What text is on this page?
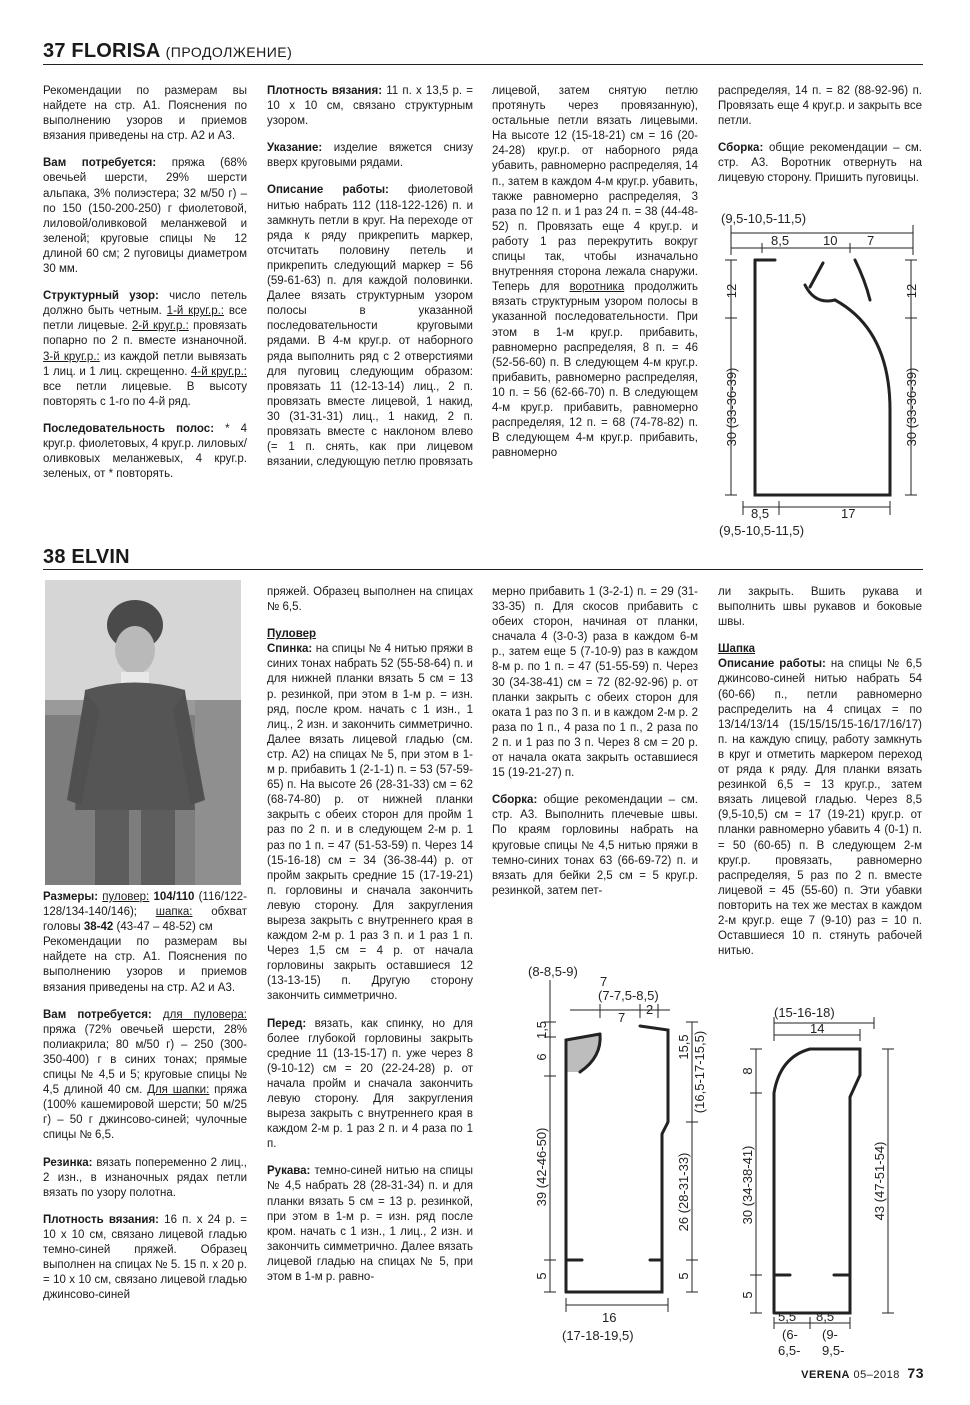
37 FLORISA (ПРОДОЛЖЕНИЕ)

Рекомендации по размерам вы найдете на стр. А1. Пояснения по выполнению узоров и приемов вязания приведены на стр. А2 и А3.

Вам потребуется: пряжа (68% овечьей шерсти, 29% шерсти альпака, 3% полиэстера; 32 м/50 г) – по 150 (150-200-250) г фиолетовой, лиловой/оливковой меланжевой и зеленой; круговые спицы № 12 длиной 60 см; 2 пуговицы диаметром 30 мм.

Структурный узор: число петель должно быть четным. 1-й круг.р.: все петли лицевые. 2-й круг.р.: провязать попарно по 2 п. вместе изнаночной. 3-й круг.р.: из каждой петли вывязать 1 лиц. и 1 лиц. скрещенно. 4-й круг.р.: все петли лицевые. В высоту повторять с 1-го по 4-й ряд.

Последовательность полос: * 4 круг.р. фиолетовых, 4 круг.р. лиловых/оливковых меланжевых, 4 круг.р. зеленых, от * повторять.

Плотность вязания: 11 п. х 13,5 р. = 10 х 10 см, связано структурным узором.

Указание: изделие вяжется снизу вверх круговыми рядами.

Описание работы: фиолетовой нитью набрать 112 (118-122-126) п. и замкнуть петли в круг. На переходе от ряда к ряду прикрепить маркер, отсчитать половину петель и прикрепить следующий маркер = 56 (59-61-63) п. для каждой половинки. Далее вязать структурным узором полосы в указанной последовательности круговыми рядами. В 4-м круг.р. от наборного ряда выполнить ряд с 2 отверстиями для пуговиц следующим образом: провязать 11 (12-13-14) лиц., 2 п. провязать вместе лицевой, 1 накид, 30 (31-31-31) лиц., 1 накид, 2 п. провязать вместе с наклоном влево (= 1 п. снять, как при лицевом вязании, следующую петлю провязать

лицевой, затем снятую петлю протянуть через провязанную), остальные петли вязать лицевыми. На высоте 12 (15-18-21) см = 16 (20-24-28) круг.р. от наборного ряда убавить, равномерно распределяя, 14 п., затем в каждом 4-м круг.р. убавить, также равномерно распределяя, 3 раза по 12 п. и 1 раз 24 п. = 38 (44-48-52) п. Провязать еще 4 круг.р. и работу 1 раз перекрутить вокруг спицы так, чтобы изначально внутренняя сторона лежала снаружи. Теперь для воротника продолжить вязать структурным узором полосы в указанной последовательности. При этом в 1-м круг.р. прибавить, равномерно распределяя, 8 п. = 46 (52-56-60) п. В следующем 4-м круг.р. прибавить, равномерно распределяя, 10 п. = 56 (62-66-70) п. В следующем 4-м круг.р. прибавить, равномерно распределяя, 12 п. = 68 (74-78-82) п. В следующем 4-м круг.р. прибавить, равномерно

распределяя, 14 п. = 82 (88-92-96) п. Провязать еще 4 круг.р. и закрыть все петли.

Сборка: общие рекомендации – см. стр. А3. Воротник отвернуть на лицевую сторону. Пришить пуговицы.

(9,5-10,5-11,5)
8,5	10 7
12	12
30 (33-36-39)	30 (33-36-39)
8,5	17
(9,5-10,5-11,5)
38 ELVIN

Размеры: пуловер: 104/110 (116/122-128/134-140/146); шапка: обхват головы 38-42 (43-47 – 48-52) см

Рекомендации по размерам вы найдете на стр. А1. Пояснения по выполнению узоров и приемов вязания приведены на стр. А2 и А3.

Вам потребуется: для пуловера: пряжа (72% овечьей шерсти, 28% полиакрила; 80 м/50 г) – 250 (300-350-400) г в синих тонах; прямые спицы № 4,5 и 5; круговые спицы № 4,5 длиной 40 см. Для шапки: пряжа (100% кашемировой шерсти; 50 м/25 г) – 50 г джинсово-синей; чулочные спицы № 6,5.

Резинка: вязать попеременно 2 лиц., 2 изн., в изнаночных рядах петли вязать по узору полотна.

Плотность вязания: 16 п. х 24 р. = 10 х 10 см, связано лицевой гладью темно-синей пряжей. Образец выполнен на спицах № 5. 15 п. х 20 р. = 10 х 10 см, связано лицевой гладью джинсово-синей

пряжей. Образец выполнен на спицах № 6,5.

Пуловер

Спинка: на спицы № 4 нитью пряжи в синих тонах набрать 52 (55-58-64) п. и для нижней планки вязать 5 см = 13 р. резинкой, при этом в 1-м р. = изн. ряд, после кром. начать с 1 изн., 1 лиц., 2 изн. и закончить симметрично. Далее вязать лицевой гладью (см. стр. А2) на спицах № 5, при этом в 1-м р. прибавить 1 (2-1-1) п. = 53 (57-59-65) п. На высоте 26 (28-31-33) см = 62 (68-74-80) р. от нижней планки закрыть с обеих сторон для пройм 1 раз по 2 п. и в следующем 2-м р. 1 раз по 1 п. = 47 (51-53-59) п. Через 14 (15-16-18) см = 34 (36-38-44) р. от пройм закрыть средние 15 (17-19-21) п. горловины и сначала закончить левую сторону. Для закругления выреза закрыть с внутреннего края в каждом 2-м р. 1 раз 3 п. и 1 раз 1 п. Через 1,5 см = 4 р. от начала горловины закрыть оставшиеся 12 (13-13-15) п. Другую сторону закончить симметрично.

Перед: вязать, как спинку, но для более глубокой горловины закрыть средние 11 (13-15-17) п. уже через 8 (9-10-12) см = 20 (22-24-28) р. от начала пройм и сначала закончить левую сторону. Для закругления выреза закрыть с внутреннего края в каждом 2-м р. 1 раз 2 п. и 4 раза по 1 п.

Рукава: темно-синей нитью на спицы № 4,5 набрать 28 (28-31-34) п. и для планки вязать 5 см = 13 р. резинкой, при этом в 1-м р. = изн. ряд после кром. начать с 1 изн., 1 лиц., 2 изн. и закончить симметрично. Далее вязать лицевой гладью на спицах № 5, при этом в 1-м р. равно-

мерно прибавить 1 (3-2-1) п. = 29 (31-33-35) п. Для скосов прибавить с обеих сторон, начиная от планки, сначала 4 (3-0-3) раза в каждом 6-м р., затем еще 5 (7-10-9) раз в каждом 8-м р. по 1 п. = 47 (51-55-59) п. Через 30 (34-38-41) см = 72 (82-92-96) р. от планки закрыть с обеих сторон для оката 1 раз по 3 п. и в каждом 2-м р. 2 раза по 1 п., 4 раза по 1 п., 2 раза по 2 п. и 1 раз по 3 п. Через 8 см = 20 р. от начала оката закрыть оставшиеся 15 (19-21-27) п.

Сборка: общие рекомендации – см. стр. А3. Выполнить плечевые швы. По краям горловины набрать на круговые спицы № 4,5 нитью пряжи в темно-синих тонах 63 (66-69-72) п. и вязать для бейки 2,5 см = 5 круг.р. резинкой, затем пет-

ли закрыть. Вшить рукава и выполнить швы рукавов и боковые швы.

Шапка

Описание работы: на спицы № 6,5 джинсово-синей нитью набрать 54 (60-66) п., петли равномерно распределить на 4 спицах = по 13/14/13/14 (15/15/15/15-16/17/16/17) п. на каждую спицу, работу замкнуть в круг и отметить маркером переход от ряда к ряду. Для планки вязать резинкой 6,5 = 13 круг.р., затем вязать лицевой гладью. Через 8,5 (9,5-10,5) см = 17 (19-21) круг.р. от планки равномерно убавить 4 (0-1) п. = 50 (60-65) п. В следующем 2-м круг.р. провязать, равномерно распределяя, 5 раз по 2 п. вместе лицевой = 45 (55-60) п. Эти убавки повторить на тех же местах в каждом 2-м круг.р. еще 7 (9-10) раз = 10 п. Оставшиеся 10 п. стянуть рабочей нитью.

(8-8,5-9)
7
(7-7,5-8,5)
7
2
1,5
6
39 (42-46-50)
5
15,5 (16,5-17-15,5)
26 (28-31-33)
5
16
(17-18-19,5)
(15-16-18)
14
8
30 (34-38-41)
5
43 (47-51-54)
5,5 8,5
(6- (9-
6,5- 9,5-
VERENA 05–2018 73
